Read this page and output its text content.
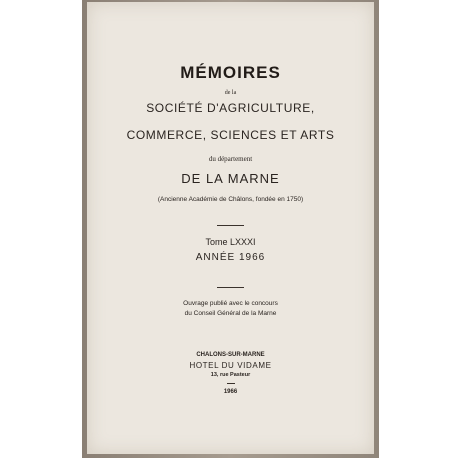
MÉMOIRES
de la
SOCIÉTÉ D'AGRICULTURE,
COMMERCE, SCIENCES ET ARTS
du département
DE LA MARNE
(Ancienne Académie de Châlons, fondée en 1750)
Tome LXXXI
ANNÉE 1966
Ouvrage publié avec le concours
du Conseil Général de la Marne
CHALONS-SUR-MARNE
HOTEL DU VIDAME
13, rue Pasteur
1966
